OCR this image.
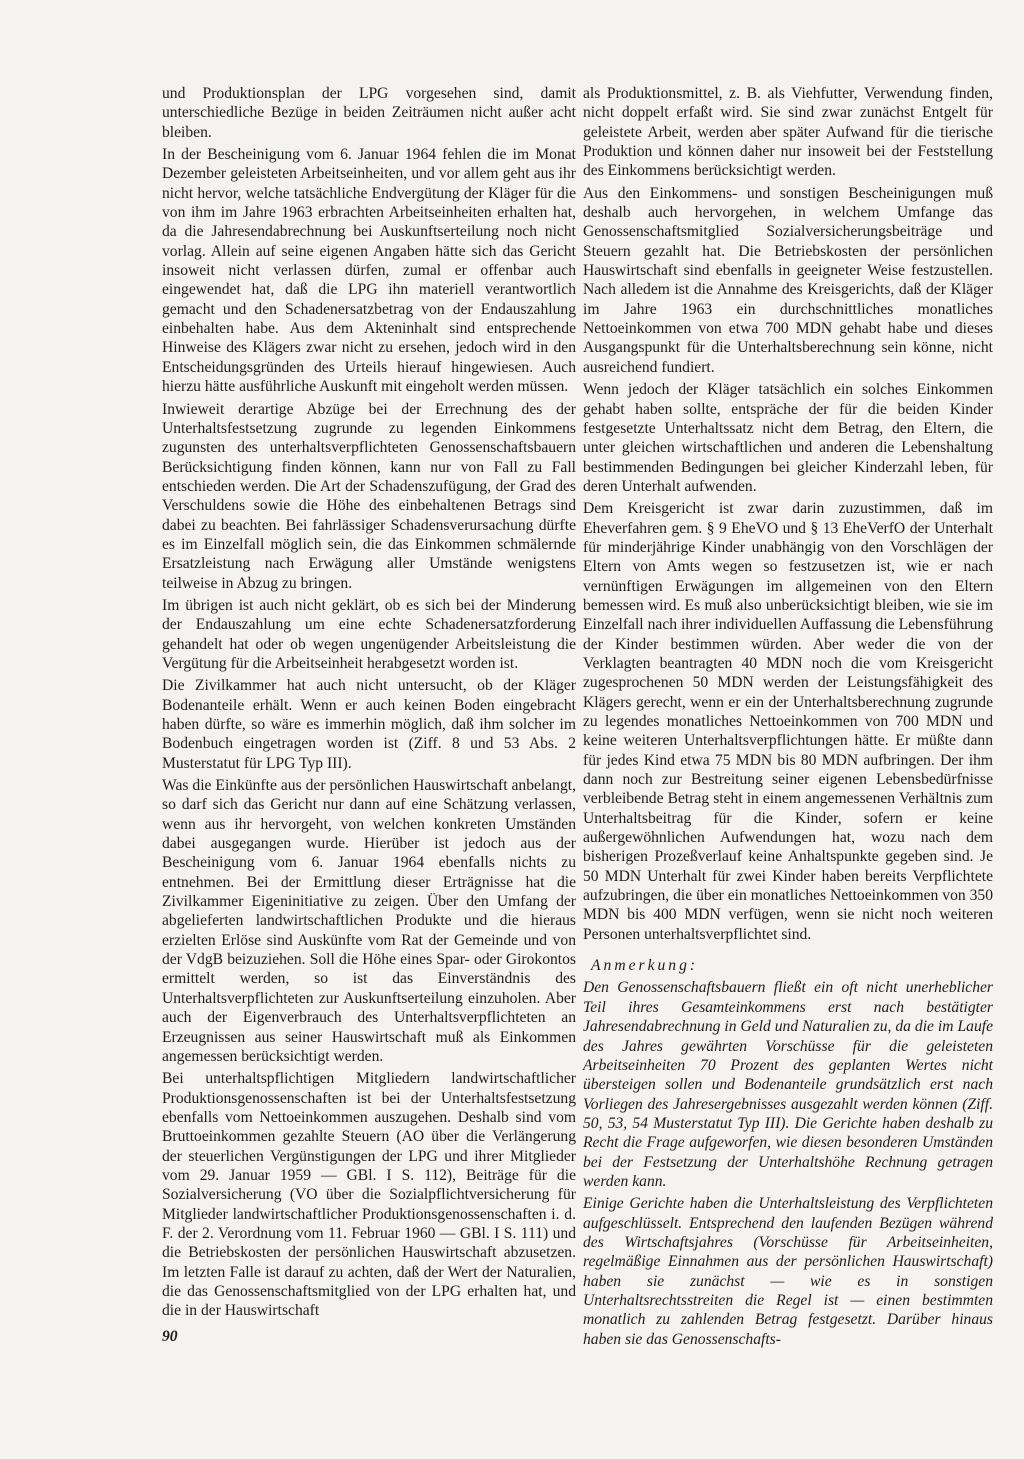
und Produktionsplan der LPG vorgesehen sind, damit unterschiedliche Bezüge in beiden Zeiträumen nicht außer acht bleiben.

In der Bescheinigung vom 6. Januar 1964 fehlen die im Monat Dezember geleisteten Arbeitseinheiten, und vor allem geht aus ihr nicht hervor, welche tatsächliche Endvergütung der Kläger für die von ihm im Jahre 1963 erbrachten Arbeitseinheiten erhalten hat, da die Jahresendabrechnung bei Auskunftserteilung noch nicht vorlag. Allein auf seine eigenen Angaben hätte sich das Gericht insoweit nicht verlassen dürfen, zumal er offenbar auch eingewendet hat, daß die LPG ihn materiell verantwortlich gemacht und den Schadenersatzbetrag von der Endauszahlung einbehalten habe. Aus dem Akteninhalt sind entsprechende Hinweise des Klägers zwar nicht zu ersehen, jedoch wird in den Entscheidungsgründen des Urteils hierauf hingewiesen. Auch hierzu hätte ausführliche Auskunft mit eingeholt werden müssen.

Inwieweit derartige Abzüge bei der Errechnung des der Unterhaltsfestsetzung zugrunde zu legenden Einkommens zugunsten des unterhaltsverpflichteten Genossenschaftsbauern Berücksichtigung finden können, kann nur von Fall zu Fall entschieden werden. Die Art der Schadenszufügung, der Grad des Verschuldens sowie die Höhe des einbehaltenen Betrags sind dabei zu beachten. Bei fahrlässiger Schadensverursachung dürfte es im Einzelfall möglich sein, die das Einkommen schmälernde Ersatzleistung nach Erwägung aller Umstände wenigstens teilweise in Abzug zu bringen.

Im übrigen ist auch nicht geklärt, ob es sich bei der Minderung der Endauszahlung um eine echte Schadenersatzforderung gehandelt hat oder ob wegen ungenügender Arbeitsleistung die Vergütung für die Arbeitseinheit herabgesetzt worden ist.

Die Zivilkammer hat auch nicht untersucht, ob der Kläger Bodenanteile erhält. Wenn er auch keinen Boden eingebracht haben dürfte, so wäre es immerhin möglich, daß ihm solcher im Bodenbuch eingetragen worden ist (Ziff. 8 und 53 Abs. 2 Musterstatut für LPG Typ III).

Was die Einkünfte aus der persönlichen Hauswirtschaft anbelangt, so darf sich das Gericht nur dann auf eine Schätzung verlassen, wenn aus ihr hervorgeht, von welchen konkreten Umständen dabei ausgegangen wurde. Hierüber ist jedoch aus der Bescheinigung vom 6. Januar 1964 ebenfalls nichts zu entnehmen. Bei der Ermittlung dieser Erträgnisse hat die Zivilkammer Eigeninitiative zu zeigen. Über den Umfang der abgelieferten landwirtschaftlichen Produkte und die hieraus erzielten Erlöse sind Auskünfte vom Rat der Gemeinde und von der VdgB beizuziehen. Soll die Höhe eines Spar- oder Girokontos ermittelt werden, so ist das Einverständnis des Unterhaltsverpflichteten zur Auskunftserteilung einzuholen. Aber auch der Eigenverbrauch des Unterhaltsverpflichteten an Erzeugnissen aus seiner Hauswirtschaft muß als Einkommen angemessen berücksichtigt werden.

Bei unterhaltspflichtigen Mitgliedern landwirtschaftlicher Produktionsgenossenschaften ist bei der Unterhaltsfestsetzung ebenfalls vom Nettoeinkommen auszugehen. Deshalb sind vom Bruttoeinkommen gezahlte Steuern (AO über die Verlängerung der steuerlichen Vergünstigungen der LPG und ihrer Mitglieder vom 29. Januar 1959 — GBl. I S. 112), Beiträge für die Sozialversicherung (VO über die Sozialpflichtversicherung für Mitglieder landwirtschaftlicher Produktionsgenossenschaften i. d. F. der 2. Verordnung vom 11. Februar 1960 — GBl. I S. 111) und die Betriebskosten der persönlichen Hauswirtschaft abzusetzen. Im letzten Falle ist darauf zu achten, daß der Wert der Naturalien, die das Genossenschaftsmitglied von der LPG erhalten hat, und die in der Hauswirtschaft

als Produktionsmittel, z. B. als Viehfutter, Verwendung finden, nicht doppelt erfaßt wird. Sie sind zwar zunächst Entgelt für geleistete Arbeit, werden aber später Aufwand für die tierische Produktion und können daher nur insoweit bei der Feststellung des Einkommens berücksichtigt werden.

Aus den Einkommens- und sonstigen Bescheinigungen muß deshalb auch hervorgehen, in welchem Umfange das Genossenschaftsmitglied Sozialversicherungsbeiträge und Steuern gezahlt hat. Die Betriebskosten der persönlichen Hauswirtschaft sind ebenfalls in geeigneter Weise festzustellen. Nach alledem ist die Annahme des Kreisgerichts, daß der Kläger im Jahre 1963 ein durchschnittliches monatliches Nettoeinkommen von etwa 700 MDN gehabt habe und dieses Ausgangspunkt für die Unterhaltsberechnung sein könne, nicht ausreichend fundiert.

Wenn jedoch der Kläger tatsächlich ein solches Einkommen gehabt haben sollte, entspräche der für die beiden Kinder festgesetzte Unterhaltssatz nicht dem Betrag, den Eltern, die unter gleichen wirtschaftlichen und anderen die Lebenshaltung bestimmenden Bedingungen bei gleicher Kinderzahl leben, für deren Unterhalt aufwenden.

Dem Kreisgericht ist zwar darin zuzustimmen, daß im Eheverfahren gem. § 9 EheVO und § 13 EheVerfO der Unterhalt für minderjährige Kinder unabhängig von den Vorschlägen der Eltern von Amts wegen so festzusetzen ist, wie er nach vernünftigen Erwägungen im allgemeinen von den Eltern bemessen wird. Es muß also unberücksichtigt bleiben, wie sie im Einzelfall nach ihrer individuellen Auffassung die Lebensführung der Kinder bestimmen würden. Aber weder die von der Verklagten beantragten 40 MDN noch die vom Kreisgericht zugesprochenen 50 MDN werden der Leistungsfähigkeit des Klägers gerecht, wenn er ein der Unterhaltsberechnung zugrunde zu legendes monatliches Nettoeinkommen von 700 MDN und keine weiteren Unterhaltsverpflichtungen hätte. Er müßte dann für jedes Kind etwa 75 MDN bis 80 MDN aufbringen. Der ihm dann noch zur Bestreitung seiner eigenen Lebensbedürfnisse verbleibende Betrag steht in einem angemessenen Verhältnis zum Unterhaltsbeitrag für die Kinder, sofern er keine außergewöhnlichen Aufwendungen hat, wozu nach dem bisherigen Prozeßverlauf keine Anhaltspunkte gegeben sind. Je 50 MDN Unterhalt für zwei Kinder haben bereits Verpflichtete aufzubringen, die über ein monatliches Nettoeinkommen von 350 MDN bis 400 MDN verfügen, wenn sie nicht noch weiteren Personen unterhaltsverpflichtet sind.

Anmerkung:

Den Genossenschaftsbauern fließt ein oft nicht unerheblicher Teil ihres Gesamteinkommens erst nach bestätigter Jahresendabrechnung in Geld und Naturalien zu, da die im Laufe des Jahres gewährten Vorschüsse für die geleisteten Arbeitseinheiten 70 Prozent des geplanten Wertes nicht übersteigen sollen und Bodenanteile grundsätzlich erst nach Vorliegen des Jahresergebnisses ausgezahlt werden können (Ziff. 50, 53, 54 Musterstatut Typ III). Die Gerichte haben deshalb zu Recht die Frage aufgeworfen, wie diesen besonderen Umständen bei der Festsetzung der Unterhaltshöhe Rechnung getragen werden kann.

Einige Gerichte haben die Unterhaltsleistung des Verpflichteten aufgeschlüsselt. Entsprechend den laufenden Bezügen während des Wirtschaftsjahres (Vorschüsse für Arbeitseinheiten, regelmäßige Einnahmen aus der persönlichen Hauswirtschaft) haben sie zunächst — wie es in sonstigen Unterhaltsrechtsstreiten die Regel ist — einen bestimmten monatlich zu zahlenden Betrag festgesetzt. Darüber hinaus haben sie das Genossenschafts-

90
